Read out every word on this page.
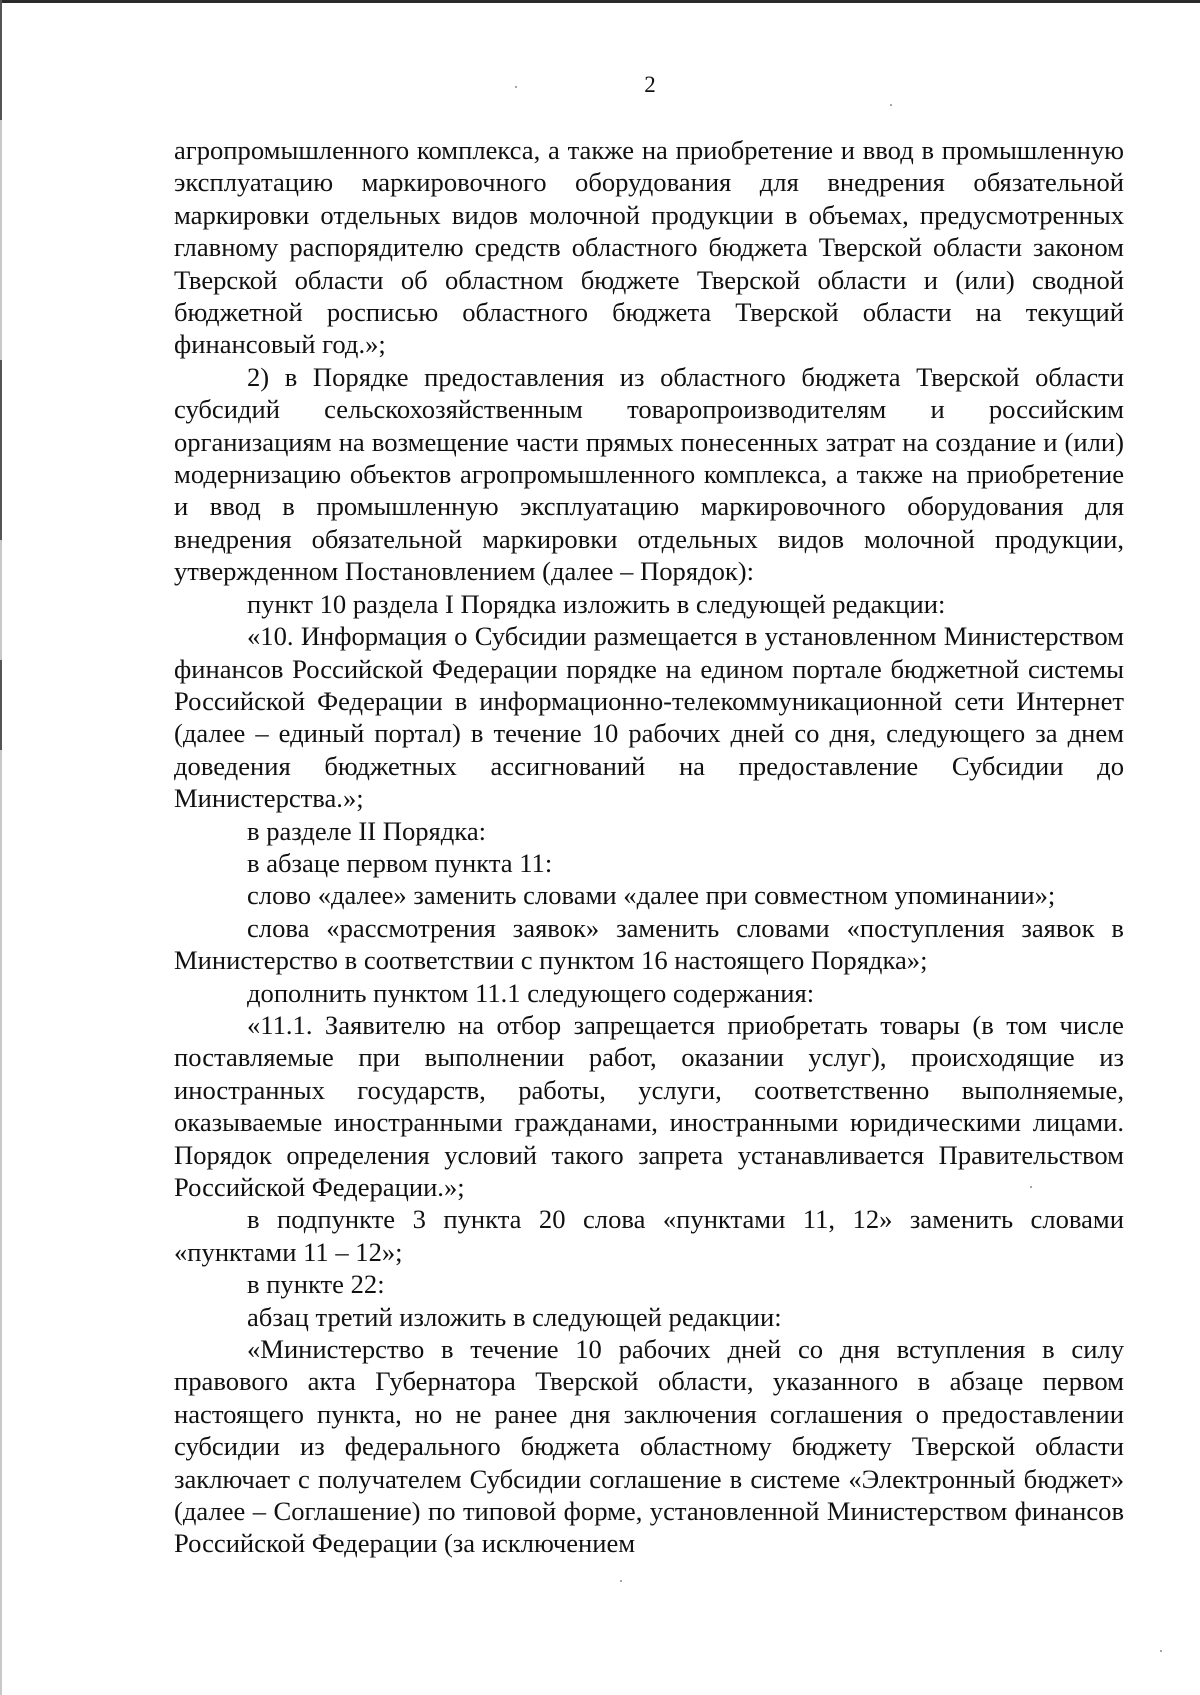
2

агропромышленного комплекса, а также на приобретение и ввод в промышленную эксплуатацию маркировочного оборудования для внедрения обязательной маркировки отдельных видов молочной продукции в объемах, предусмотренных главному распорядителю средств областного бюджета Тверской области законом Тверской области об областном бюджете Тверской области и (или) сводной бюджетной росписью областного бюджета Тверской области на текущий финансовый год.»;

2) в Порядке предоставления из областного бюджета Тверской области субсидий сельскохозяйственным товаропроизводителям и российским организациям на возмещение части прямых понесенных затрат на создание и (или) модернизацию объектов агропромышленного комплекса, а также на приобретение и ввод в промышленную эксплуатацию маркировочного оборудования для внедрения обязательной маркировки отдельных видов молочной продукции, утвержденном Постановлением (далее – Порядок):

пункт 10 раздела I Порядка изложить в следующей редакции:

«10. Информация о Субсидии размещается в установленном Министерством финансов Российской Федерации порядке на едином портале бюджетной системы Российской Федерации в информационно-телекоммуникационной сети Интернет (далее – единый портал) в течение 10 рабочих дней со дня, следующего за днем доведения бюджетных ассигнований на предоставление Субсидии до Министерства.»;

в разделе II Порядка:

в абзаце первом пункта 11:

слово «далее» заменить словами «далее при совместном упоминании»;

слова «рассмотрения заявок» заменить словами «поступления заявок в Министерство в соответствии с пунктом 16 настоящего Порядка»;

дополнить пунктом 11.1 следующего содержания:

«11.1. Заявителю на отбор запрещается приобретать товары (в том числе поставляемые при выполнении работ, оказании услуг), происходящие из иностранных государств, работы, услуги, соответственно выполняемые, оказываемые иностранными гражданами, иностранными юридическими лицами. Порядок определения условий такого запрета устанавливается Правительством Российской Федерации.»;

в подпункте 3 пункта 20 слова «пунктами 11, 12» заменить словами «пунктами 11 – 12»;

в пункте 22:

абзац третий изложить в следующей редакции:

«Министерство в течение 10 рабочих дней со дня вступления в силу правового акта Губернатора Тверской области, указанного в абзаце первом настоящего пункта, но не ранее дня заключения соглашения о предоставлении субсидии из федерального бюджета областному бюджету Тверской области заключает с получателем Субсидии соглашение в системе «Электронный бюджет» (далее – Соглашение) по типовой форме, установленной Министерством финансов Российской Федерации (за исключением
